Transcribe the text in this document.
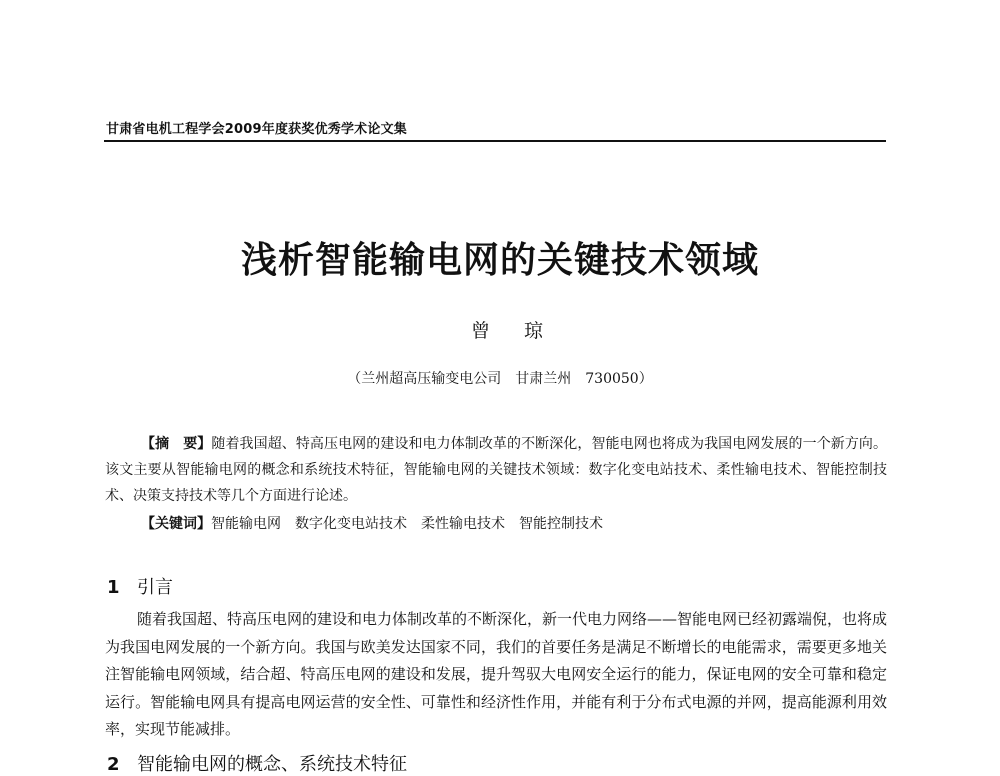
甘肃省电机工程学会2009年度获奖优秀学术论文集
浅析智能输电网的关键技术领域
曾 琼
（兰州超高压输变电公司　甘肃兰州　730050）

【摘　要】随着我国超、特高压电网的建设和电力体制改革的不断深化，智能电网也将成为我国电网发展的一个新方向。该文主要从智能输电网的概念和系统技术特征，智能输电网的关键技术领域：数字化变电站技术、柔性输电技术、智能控制技术、决策支持技术等几个方面进行论述。

【关键词】智能输电网　数字化变电站技术　柔性输电技术　智能控制技术
1 引言

随着我国超、特高压电网的建设和电力体制改革的不断深化，新一代电力网络——智能电网已经初露端倪，也将成为我国电网发展的一个新方向。我国与欧美发达国家不同，我们的首要任务是满足不断增长的电能需求，需要更多地关注智能输电网领域，结合超、特高压电网的建设和发展，提升驾驭大电网安全运行的能力，保证电网的安全可靠和稳定运行。智能输电网具有提高电网运营的安全性、可靠性和经济性作用，并能有利于分布式电源的并网，提高能源利用效率，实现节能减排。

2 智能输电网的概念、系统技术特征
